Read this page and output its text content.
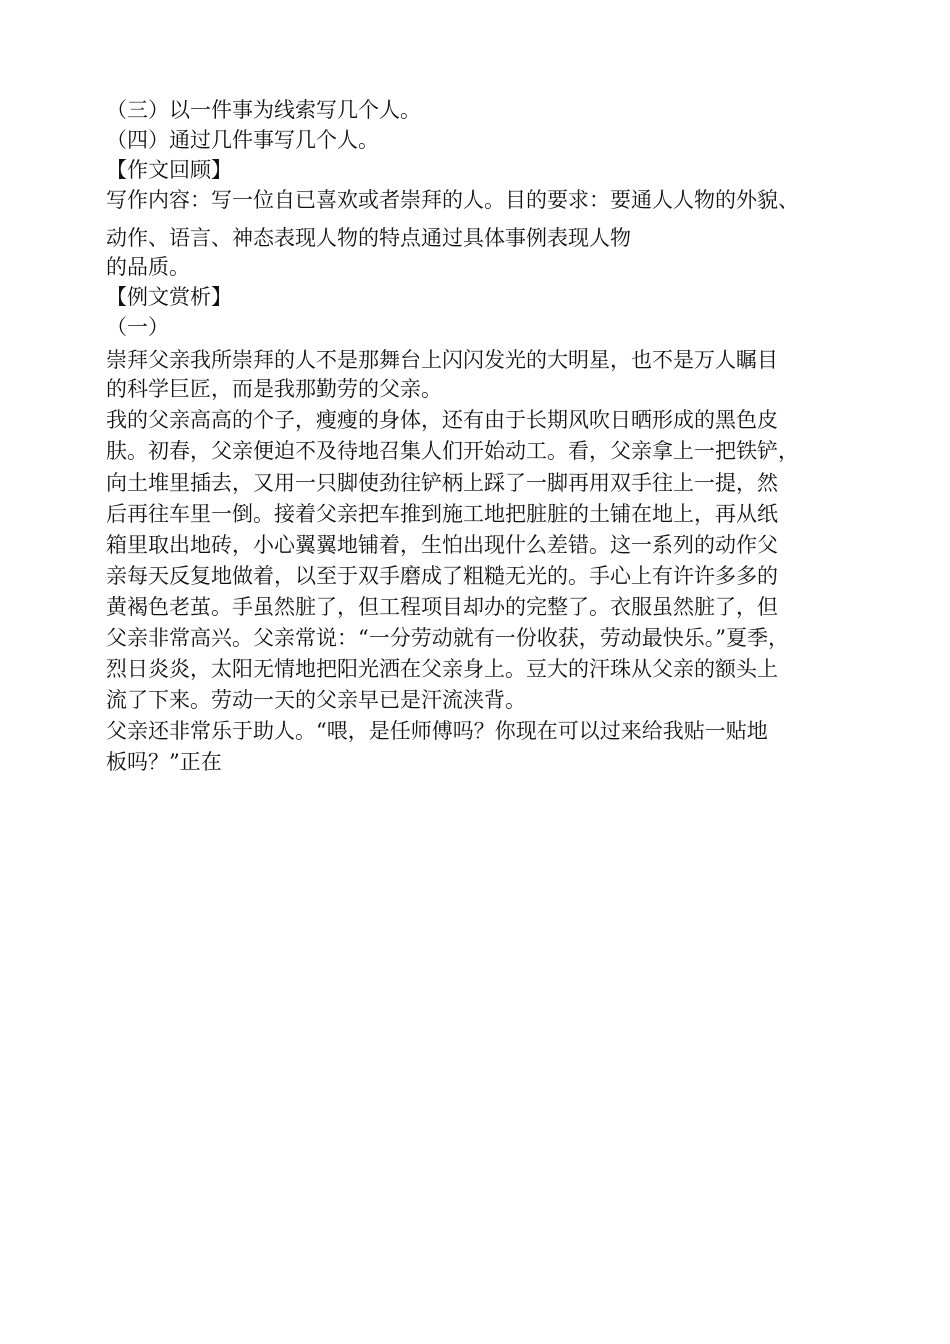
（三）以一件事为线索写几个人。
（四）通过几件事写几个人。
【作文回顾】
写作内容：写一位自已喜欢或者崇拜的人。目的要求：要通人人物的外貌、
动作、语言、神态表现人物的特点通过具体事例表现人物
的品质。
【例文赏析】
（一）
崇拜父亲我所崇拜的人不是那舞台上闪闪发光的大明星，也不是万人瞩目
的科学巨匠，而是我那勤劳的父亲。
我的父亲高高的个子，瘦瘦的身体，还有由于长期风吹日晒形成的黑色皮
肤。初春，父亲便迫不及待地召集人们开始动工。看，父亲拿上一把铁铲，
向土堆里插去，又用一只脚使劲往铲柄上踩了一脚再用双手往上一提，然
后再往车里一倒。接着父亲把车推到施工地把脏脏的土铺在地上，再从纸
箱里取出地砖，小心翼翼地铺着，生怕出现什么差错。这一系列的动作父
亲每天反复地做着，以至于双手磨成了粗糙无光的。手心上有许许多多的
黄褐色老茧。手虽然脏了，但工程项目却办的完整了。衣服虽然脏了，但
父亲非常高兴。父亲常说：“一分劳动就有一份收获，劳动最快乐。”夏季，
烈日炎炎，太阳无情地把阳光洒在父亲身上。豆大的汗珠从父亲的额头上
流了下来。劳动一天的父亲早已是汗流浃背。
父亲还非常乐于助人。“喂，是任师傅吗？你现在可以过来给我贴一贴地
板吗？”正在
